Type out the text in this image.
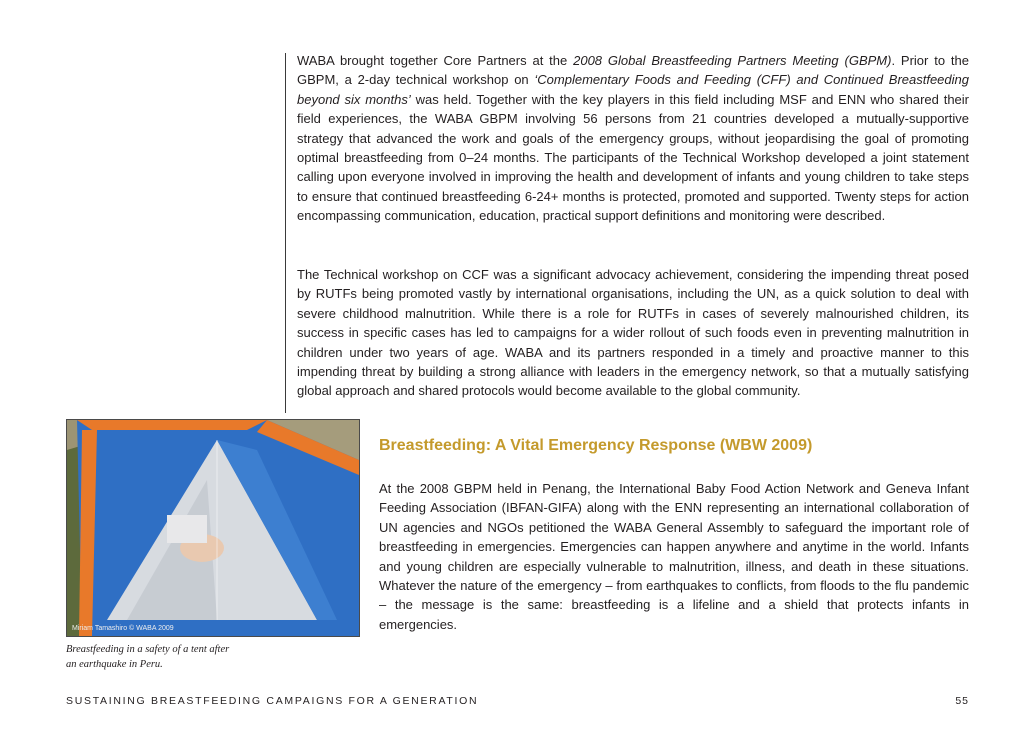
WABA brought together Core Partners at the 2008 Global Breastfeeding Partners Meeting (GBPM). Prior to the GBPM, a 2-day technical workshop on ‘Complementary Foods and Feeding (CFF) and Continued Breastfeeding beyond six months’ was held. Together with the key players in this field including MSF and ENN who shared their field experiences, the WABA GBPM involving 56 persons from 21 countries developed a mutually-supportive strategy that advanced the work and goals of the emergency groups, without jeopardising the goal of promoting optimal breastfeeding from 0–24 months. The participants of the Technical Workshop developed a joint statement calling upon everyone involved in improving the health and development of infants and young children to take steps to ensure that continued breastfeeding 6-24+ months is protected, promoted and supported. Twenty steps for action encompassing communication, education, practical support definitions and monitoring were described.

The Technical workshop on CCF was a significant advocacy achievement, considering the impending threat posed by RUTFs being promoted vastly by international organisations, including the UN, as a quick solution to deal with severe childhood malnutrition. While there is a role for RUTFs in cases of severely malnourished children, its success in specific cases has led to campaigns for a wider rollout of such foods even in preventing malnutrition in children under two years of age. WABA and its partners responded in a timely and proactive manner to this impending threat by building a strong alliance with leaders in the emergency network, so that a mutually satisfying global approach and shared protocols would become available to the global community.

Miriam Tamashiro © WABA 2009
Breastfeeding in a safety of a tent after
an earthquake in Peru.
Breastfeeding: A Vital Emergency Response (WBW 2009)

At the 2008 GBPM held in Penang, the International Baby Food Action Network and Geneva Infant Feeding Association (IBFAN-GIFA) along with the ENN representing an international collaboration of UN agencies and NGOs petitioned the WABA General Assembly to safeguard the important role of breastfeeding in emergencies. Emergencies can happen anywhere and anytime in the world. Infants and young children are especially vulnerable to malnutrition, illness, and death in these situations. Whatever the nature of the emergency – from earthquakes to conflicts, from floods to the flu pandemic – the message is the same: breastfeeding is a lifeline and a shield that protects infants in emergencies.

SUSTAINING BREASTFEEDING CAMPAIGNS FOR A GENERATION	55
